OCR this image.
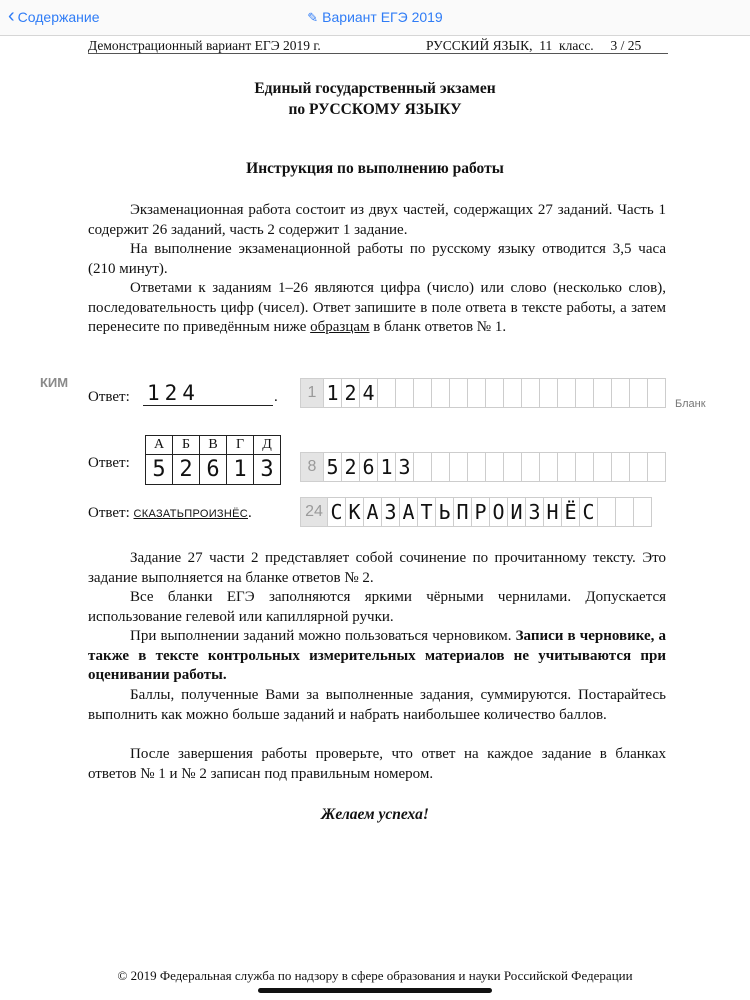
‹ Содержание	✎ Вариант ЕГЭ 2019
Демонстрационный вариант ЕГЭ 2019 г.	РУССКИЙ ЯЗЫК,  11  класс.     3 / 25
Единый государственный экзамен
по РУССКОМУ ЯЗЫКУ
Инструкция по выполнению работы
Экзаменационная работа состоит из двух частей, содержащих 27 заданий. Часть 1 содержит 26 заданий, часть 2 содержит 1 задание.
На выполнение экзаменационной работы по русскому языку отводится 3,5 часа (210 минут).
Ответами к заданиям 1–26 являются цифра (число) или слово (несколько слов), последовательность цифр (чисел). Ответ запишите в поле ответа в тексте работы, а затем перенесите по приведённым ниже образцам в бланк ответов № 1.
КИМ
Бланк
Ответ: 124	.	1 1 2 4
Ответ:
А	Б	В	Г	Д
5	2	6	1	3	8 5 2 6 1 3
Ответ: СКАЗАТЬПРОИЗНЁС.	24 С К А З А Т Ь П Р О И З Н Ё С
Задание 27 части 2 представляет собой сочинение по прочитанному тексту. Это задание выполняется на бланке ответов № 2.
Все бланки ЕГЭ заполняются яркими чёрными чернилами. Допускается использование гелевой или капиллярной ручки.
При выполнении заданий можно пользоваться черновиком. Записи в черновике, а также в тексте контрольных измерительных материалов не учитываются при оценивании работы.
Баллы, полученные Вами за выполненные задания, суммируются. Постарайтесь выполнить как можно больше заданий и набрать наибольшее количество баллов.
После завершения работы проверьте, что ответ на каждое задание в бланках ответов № 1 и № 2 записан под правильным номером.
Желаем успеха!
© 2019 Федеральная служба по надзору в сфере образования и науки Российской Федерации
